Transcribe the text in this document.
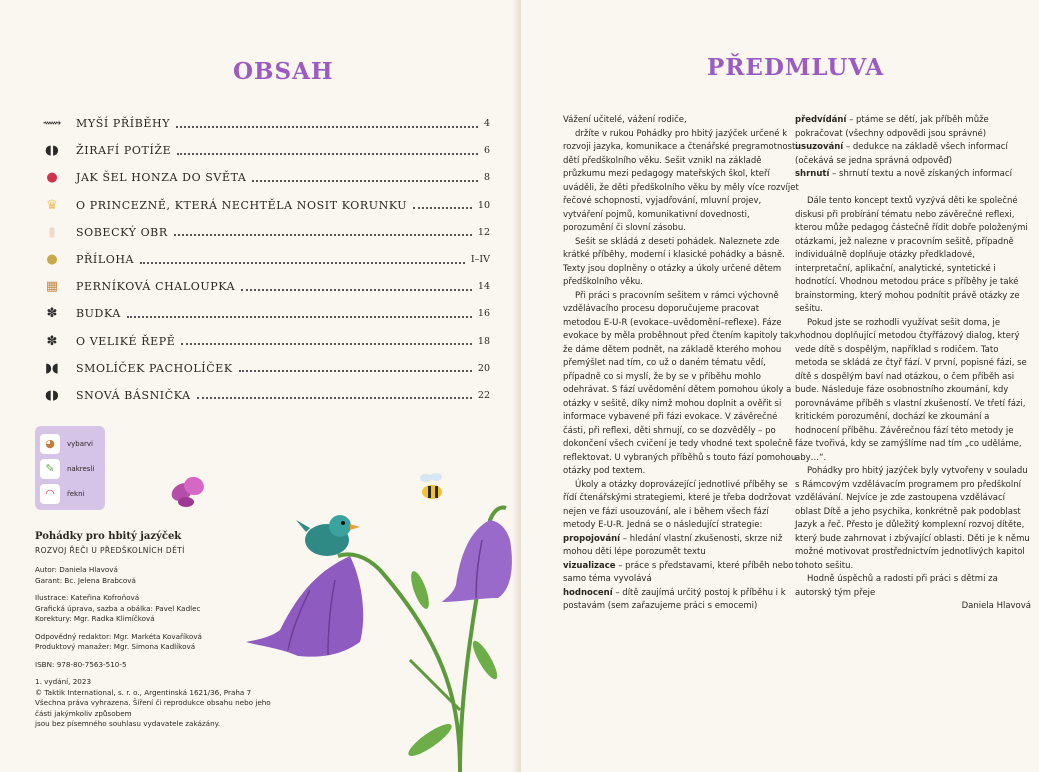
OBSAH
⟿ MYŠÍ PŘÍBĚHY	4
◖◗ ŽIRAFÍ POTÍŽE	6
●	JAK ŠEL HONZA DO SVĚTA	8
♛	O PRINCEZNĚ, KTERÁ NECHTĚLA NOSIT KORUNKU	10
▮	SOBECKÝ OBR	12
●	PŘÍLOHA	I–IV
▦	PERNÍKOVÁ CHALOUPKA	14
✽	BUDKA	16
✽	O VELIKÉ ŘEPĚ	18
◗◖ SMOLÍČEK PACHOLÍČEK	20
◖◗ SNOVÁ BÁSNIČKA	22
◕	vybarvi
✎	nakresli
◠	řekni
Pohádky pro hbitý jazýček
ROZVOJ ŘEČI U PŘEDŠKOLNÍCH DĚTÍ
Autor: Daniela Hlavová
Garant: Bc. Jelena Brabcová
Ilustrace: Kateřina Kofroňová
Grafická úprava, sazba a obálka: Pavel Kadlec
Korektury: Mgr. Radka Klimíčková
Odpovědný redaktor: Mgr. Markéta Kovaříková
Produktový manažer: Mgr. Simona Kadlíková
ISBN: 978-80-7563-510-5
1. vydání, 2023
© Taktik International, s. r. o., Argentinská 1621/36, Praha 7
Všechna práva vyhrazena. Šíření či reprodukce obsahu nebo jeho části jakýmkoliv způsobem
jsou bez písemného souhlasu vydavatele zakázány.
PŘEDMLUVA

Vážení učitelé, vážení rodiče,

držíte v rukou Pohádky pro hbitý jazýček určené k rozvoji jazyka, komunikace a čtenářské pregramotnosti dětí předškolního věku. Sešit vznikl na základě průzkumu mezi pedagogy mateřských škol, kteří uváděli, že děti předškolního věku by měly více rozvíjet řečové schopnosti, vyjadřování, mluvní projev, vytváření pojmů, komunikativní dovednosti, porozumění či slovní zásobu.

Sešit se skládá z deseti pohádek. Naleznete zde krátké příběhy, moderní i klasické pohádky a básně. Texty jsou doplněny o otázky a úkoly určené dětem předškolního věku.

Při práci s pracovním sešitem v rámci výchovně vzdělávacího procesu doporučujeme pracovat metodou E-U-R (evokace–uvědomění–reflexe). Fáze evokace by měla proběhnout před čtením kapitoly tak, že dáme dětem podnět, na základě kterého mohou přemýšlet nad tím, co už o daném tématu vědí, případně co si myslí, že by se v příběhu mohlo odehrávat. S fází uvědomění dětem pomohou úkoly a otázky v sešitě, díky nimž mohou doplnit a ověřit si informace vybavené při fázi evokace. V závěrečné části, při reflexi, děti shrnují, co se dozvěděly – po dokončení všech cvičení je tedy vhodné text společně reflektovat. U vybraných příběhů s touto fází pomohou otázky pod textem.

Úkoly a otázky doprovázející jednotlivé příběhy se řídí čtenářskými strategiemi, které je třeba dodržovat nejen ve fázi usouzování, ale i během všech fází metody E-U-R. Jedná se o následující strategie:

propojování – hledání vlastní zkušenosti, skrze niž mohou děti lépe porozumět textu

vizualizace – práce s představami, které příběh nebo samo téma vyvolává

hodnocení – dítě zaujímá určitý postoj k příběhu i k postavám (sem zařazujeme práci s emocemi)

předvídání – ptáme se dětí, jak příběh může pokračovat (všechny odpovědi jsou správné)

usuzování – dedukce na základě všech informací (očekává se jedna správná odpověď)

shrnutí – shrnutí textu a nově získaných informací

Dále tento koncept textů vyzývá děti ke společné diskusi při probírání tématu nebo závěrečné reflexi, kterou může pedagog částečně řídit dobře položenými otázkami, jež nalezne v pracovním sešitě, případně individuálně doplňuje otázky předkladové, interpretační, aplikační, analytické, syntetické i hodnotící. Vhodnou metodou práce s příběhy je také brainstorming, který mohou podnítit právě otázky ze sešitu.

Pokud jste se rozhodli využívat sešit doma, je vhodnou doplňující metodou čtyřfázový dialog, který vede dítě s dospělým, například s rodičem. Tato metoda se skládá ze čtyř fází. V první, popisné fázi, se dítě s dospělým baví nad otázkou, o čem příběh asi bude. Následuje fáze osobnostního zkoumání, kdy porovnáváme příběh s vlastní zkušeností. Ve třetí fázi, kritickém porozumění, dochází ke zkoumání a hodnocení příběhu. Závěrečnou fází této metody je fáze tvořivá, kdy se zamýšlíme nad tím „co uděláme, aby…“.

Pohádky pro hbitý jazýček byly vytvořeny v souladu s Rámcovým vzdělávacím programem pro předškolní vzdělávání. Nejvíce je zde zastoupena vzdělávací oblast Dítě a jeho psychika, konkrétně pak podoblast Jazyk a řeč. Přesto je důležitý komplexní rozvoj dítěte, který bude zahrnovat i zbývající oblasti. Děti je k němu možné motivovat prostřednictvím jednotlivých kapitol tohoto sešitu.

Hodně úspěchů a radosti při práci s dětmi za autorský tým přeje

Daniela Hlavová
